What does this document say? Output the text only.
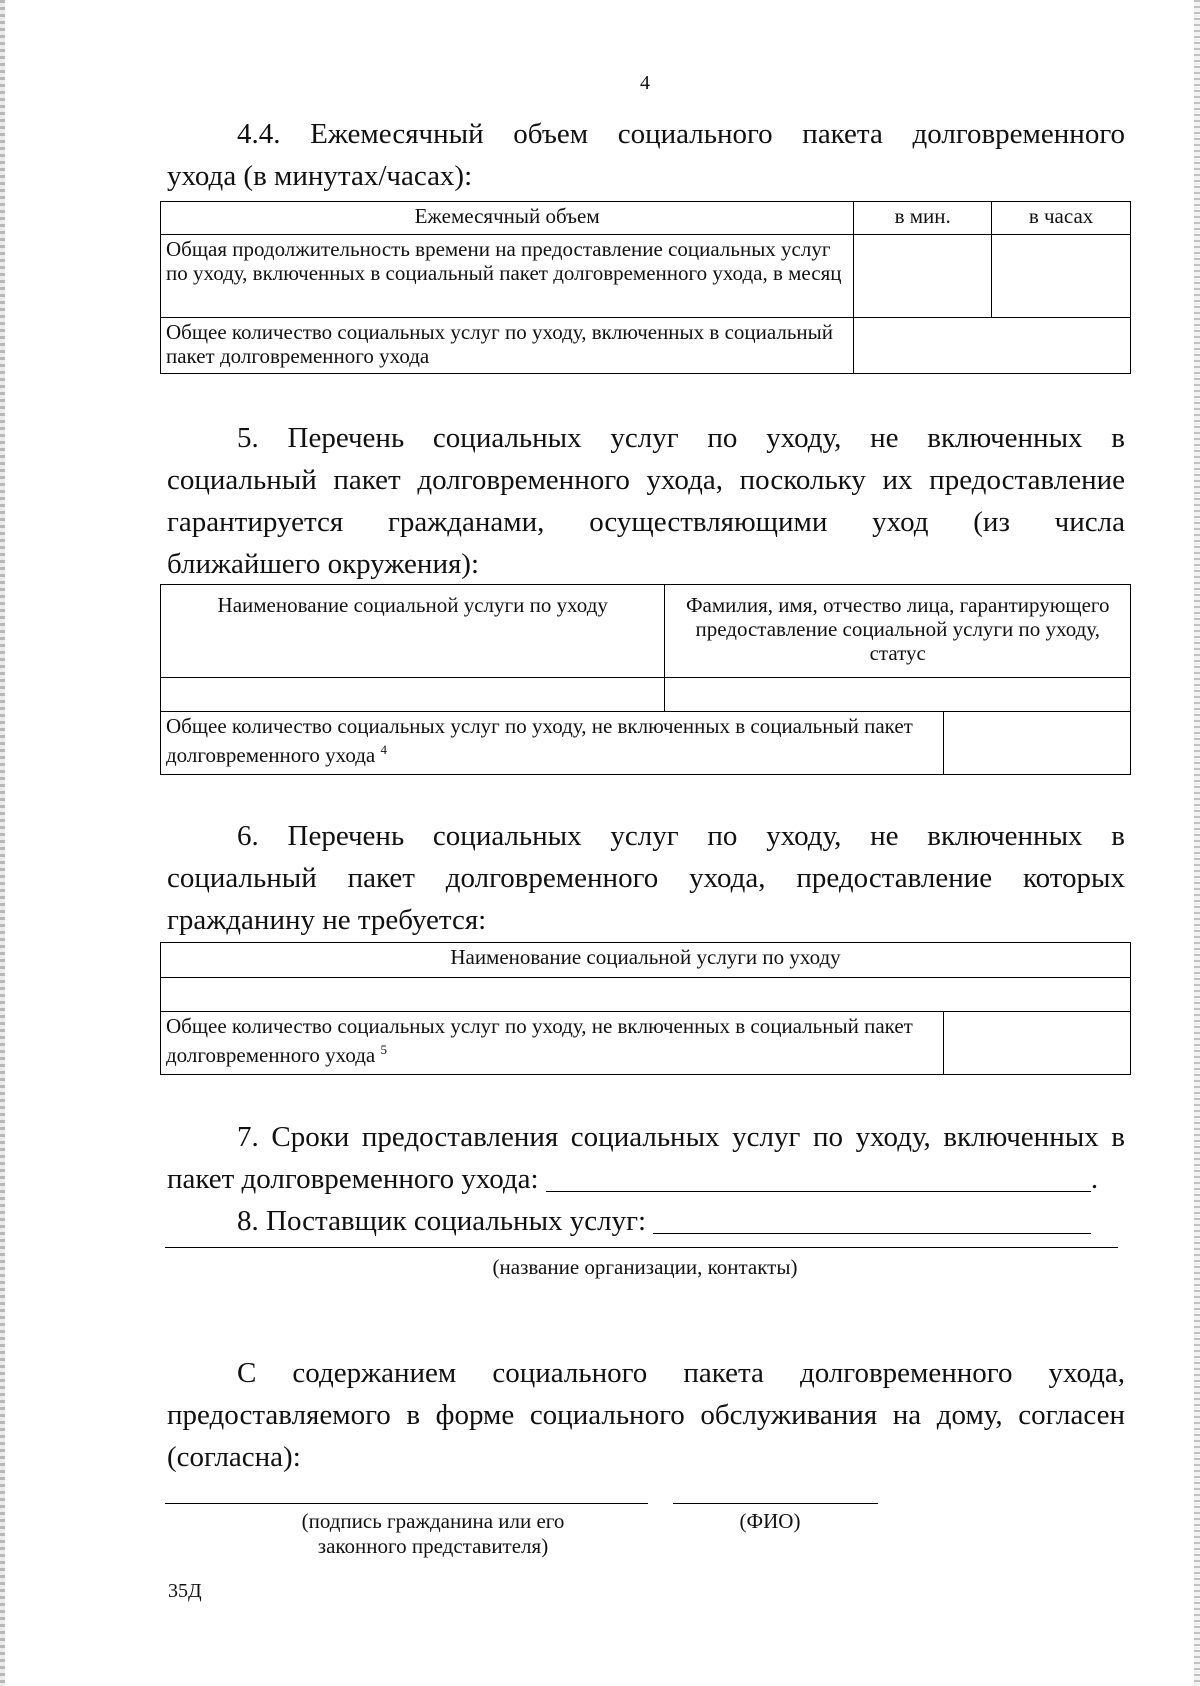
4
4.4. Ежемесячный объем социального пакета долговременного
ухода (в минутах/часах):
Ежемесячный объем	в мин.	в часах
Общая продолжительность времени на предоставление социальных услуг по уходу, включенных в социальный пакет долговременного ухода, в месяц		
Общее количество социальных услуг по уходу, включенных в социальный пакет долговременного ухода		
5. Перечень социальных услуг по уходу, не включенных в
социальный пакет долговременного ухода, поскольку их предоставление
гарантируется гражданами, осуществляющими уход (из числа
ближайшего окружения):
Наименование социальной услуги по уходу	Фамилия, имя, отчество лица, гарантирующего предоставление социальной услуги по уходу, статус	

Общее количество социальных услуг по уходу, не включенных в социальный пакет долговременного ухода $^4$	
6. Перечень социальных услуг по уходу, не включенных в
социальный пакет долговременного ухода, предоставление которых
гражданину не требуется:
Наименование социальной услуги по уходу

Общее количество социальных услуг по уходу, не включенных в социальный пакет долговременного ухода $^5$	
7. Сроки предоставления социальных услуг по уходу, включенных в
пакет долговременного ухода:	.
8. Поставщик социальных услуг:
(название организации, контакты)
С содержанием социального пакета долговременного ухода,
предоставляемого в форме социального обслуживания на дому, согласен
(согласна):
(подпись гражданина или его законного представителя)
(ФИО)
35Д
